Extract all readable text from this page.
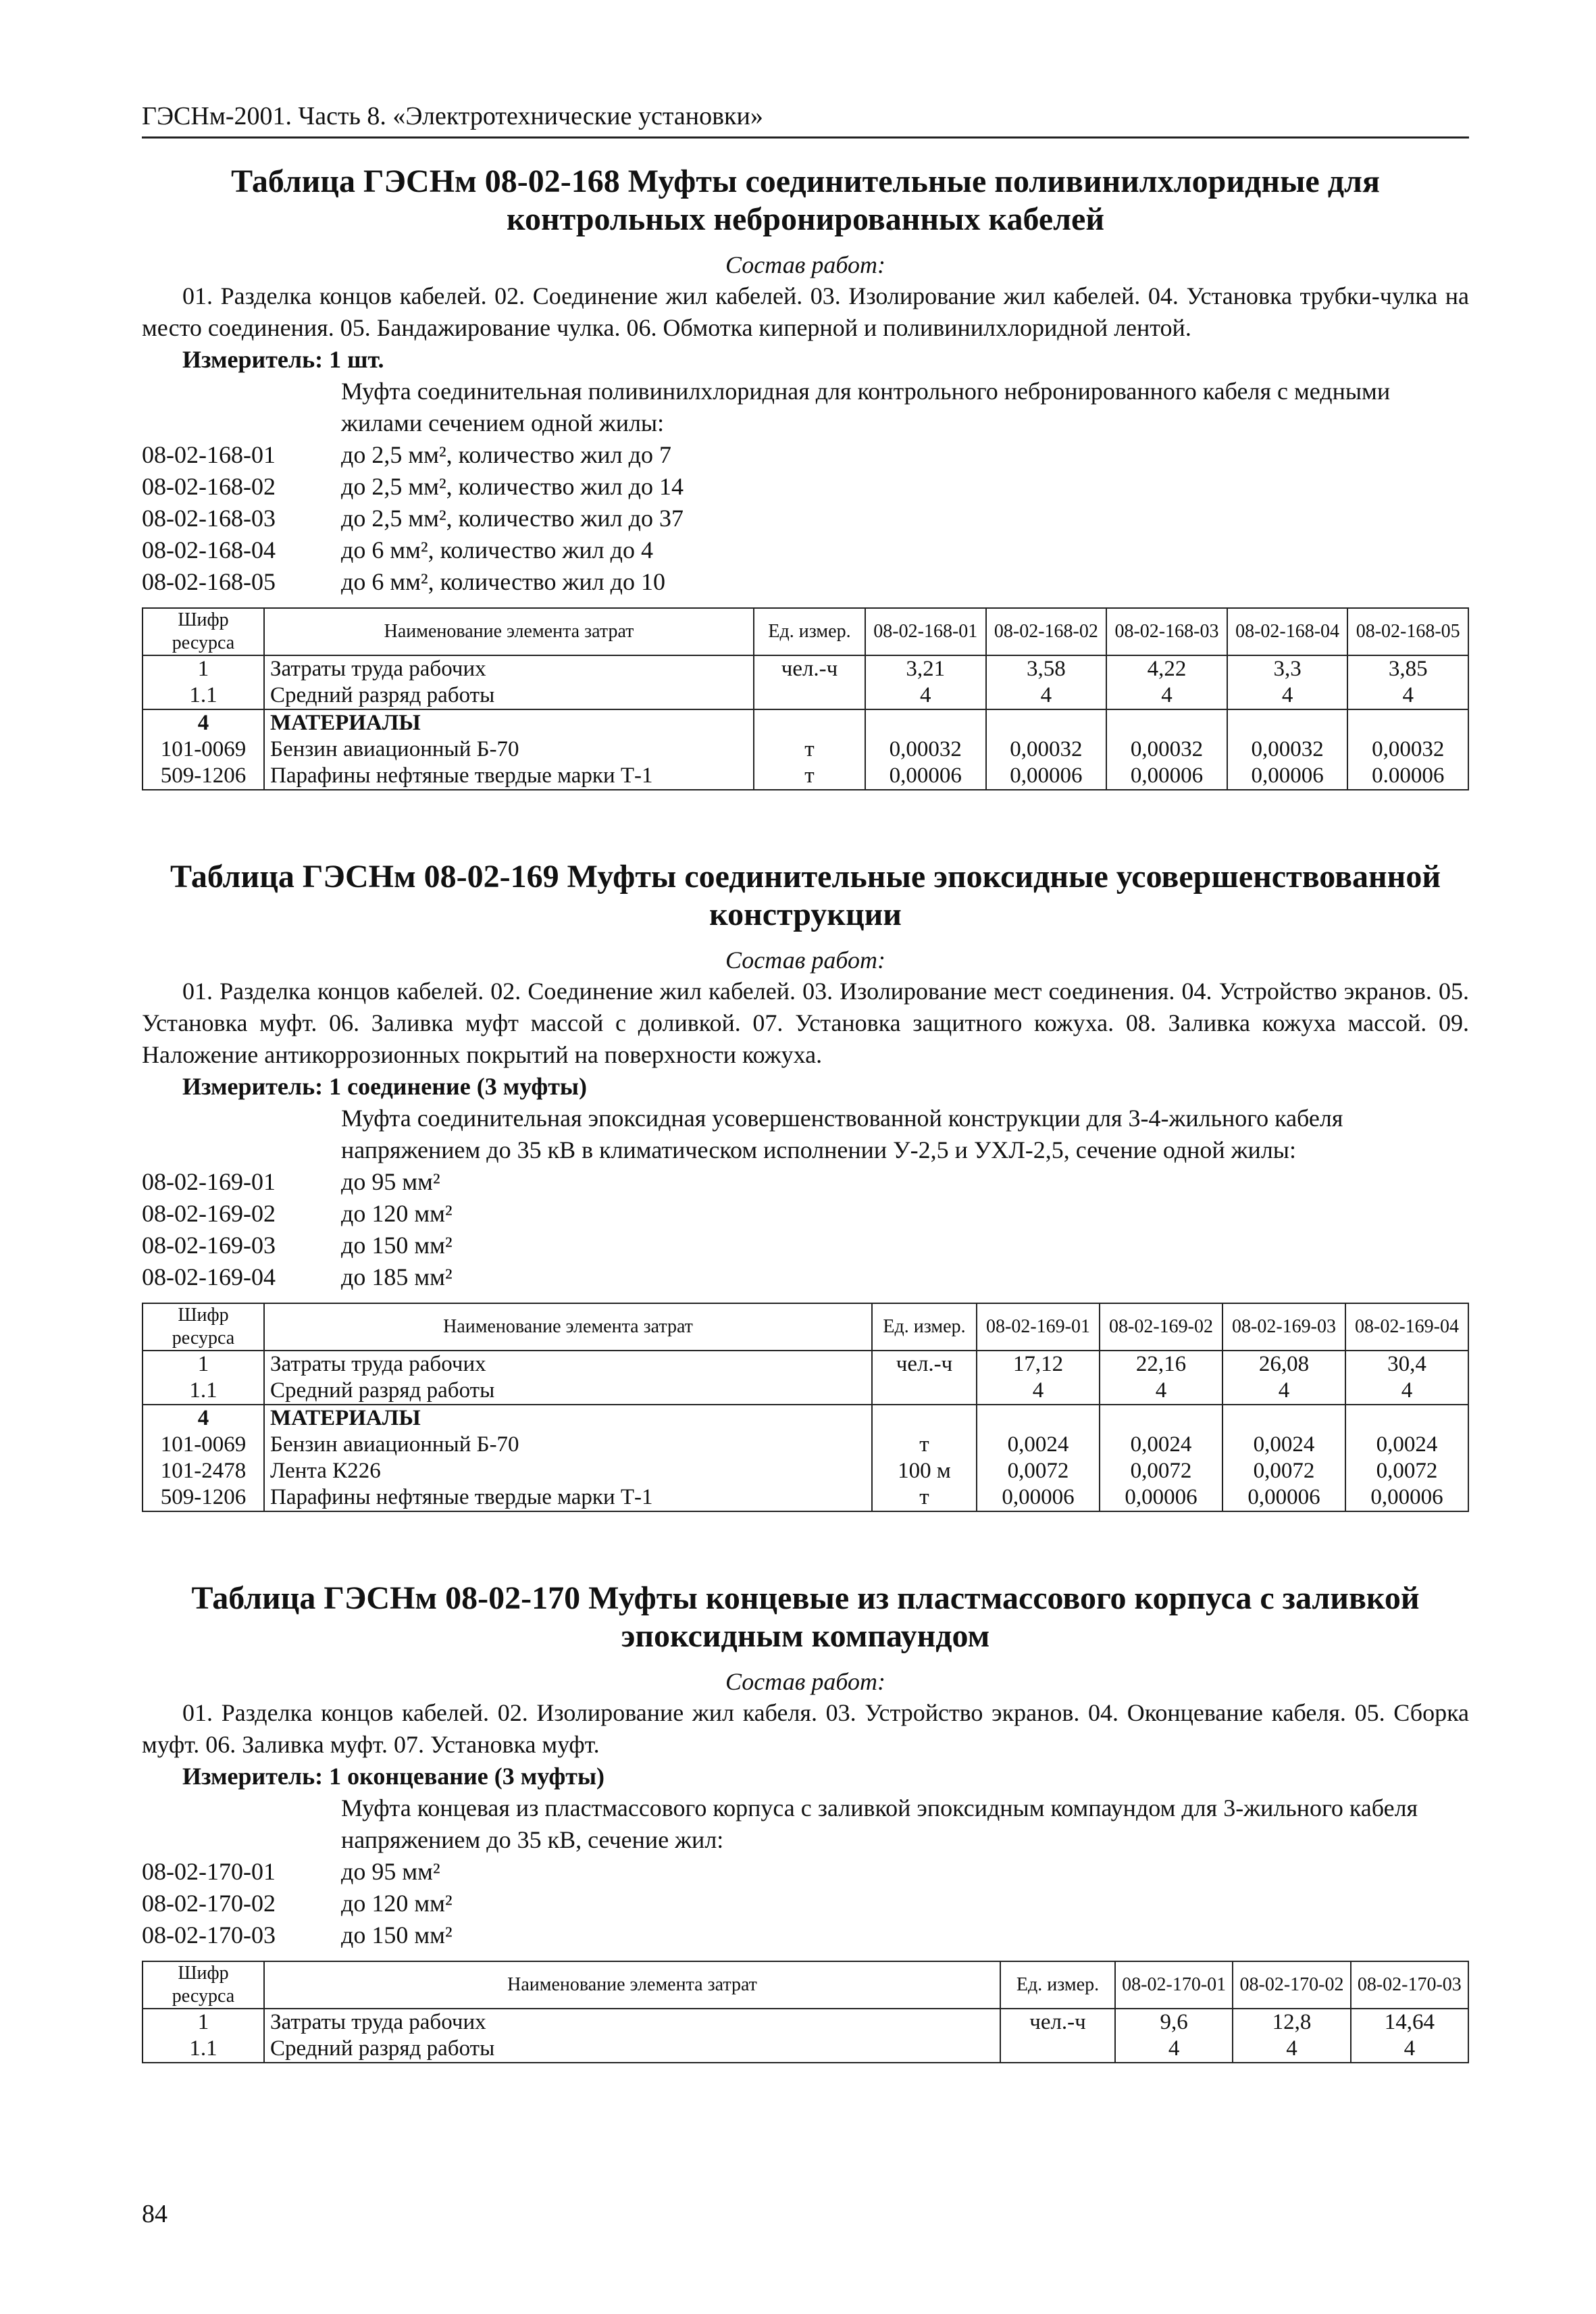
ГЭСНм-2001. Часть 8. «Электротехнические установки»
Таблица ГЭСНм 08-02-168 Муфты соединительные поливинилхлоридные для
контрольных небронированных кабелей

Состав работ:

01. Разделка концов кабелей. 02. Соединение жил кабелей. 03. Изолирование жил кабелей. 04. Установка трубки-чулка на место соединения. 05. Бандажирование чулка. 06. Обмотка киперной и поливинилхлоридной лентой.

Измеритель: 1 шт.

Муфта соединительная поливинилхлоридная для контрольного небронированного кабеля с медными жилами сечением одной жилы:

08-02-168-01	до 2,5 мм², количество жил до 7
08-02-168-02	до 2,5 мм², количество жил до 14
08-02-168-03	до 2,5 мм², количество жил до 37
08-02-168-04	до 6 мм², количество жил до 4
08-02-168-05	до 6 мм², количество жил до 10
Шифр ресурса	Наименование элемента затрат	Ед. измер.	08-02-168-01	08-02-168-02	08-02-168-03	08-02-168-04	08-02-168-05
1	Затраты труда рабочих	чел.-ч	3,21	3,58	4,22	3,3	3,85
1.1	Средний разряд работы		4	4	4	4	4
4	МАТЕРИАЛЫ						
101-0069	Бензин авиационный Б-70	т	0,00032	0,00032	0,00032	0,00032	0,00032
509-1206	Парафины нефтяные твердые марки Т-1	т	0,00006	0,00006	0,00006	0,00006	0.00006
Таблица ГЭСНм 08-02-169 Муфты соединительные эпоксидные усовершенствованной
конструкции

Состав работ:

01. Разделка концов кабелей. 02. Соединение жил кабелей. 03. Изолирование мест соединения. 04. Устройство экранов. 05. Установка муфт. 06. Заливка муфт массой с доливкой. 07. Установка защитного кожуха. 08. Заливка кожуха массой. 09. Наложение антикоррозионных покрытий на поверхности кожуха.

Измеритель: 1 соединение (3 муфты)

Муфта соединительная эпоксидная усовершенствованной конструкции для 3-4-жильного кабеля напряжением до 35 кВ в климатическом исполнении У-2,5 и УХЛ-2,5, сечение одной жилы:

08-02-169-01	до 95 мм²
08-02-169-02	до 120 мм²
08-02-169-03	до 150 мм²
08-02-169-04	до 185 мм²
Шифр ресурса	Наименование элемента затрат	Ед. измер.	08-02-169-01	08-02-169-02	08-02-169-03	08-02-169-04
1	Затраты труда рабочих	чел.-ч	17,12	22,16	26,08	30,4
1.1	Средний разряд работы		4	4	4	4
4	МАТЕРИАЛЫ					
101-0069	Бензин авиационный Б-70	т	0,0024	0,0024	0,0024	0,0024
101-2478	Лента К226	100 м	0,0072	0,0072	0,0072	0,0072
509-1206	Парафины нефтяные твердые марки Т-1	т	0,00006	0,00006	0,00006	0,00006
Таблица ГЭСНм 08-02-170 Муфты концевые из пластмассового корпуса с заливкой
эпоксидным компаундом

Состав работ:

01. Разделка концов кабелей. 02. Изолирование жил кабеля. 03. Устройство экранов. 04. Оконцевание кабеля. 05. Сборка муфт. 06. Заливка муфт. 07. Установка муфт.

Измеритель: 1 оконцевание (3 муфты)

Муфта концевая из пластмассового корпуса с заливкой эпоксидным компаундом для 3-жильного кабеля напряжением до 35 кВ, сечение жил:

08-02-170-01	до 95 мм²
08-02-170-02	до 120 мм²
08-02-170-03	до 150 мм²
Шифр ресурса	Наименование элемента затрат	Ед. измер.	08-02-170-01	08-02-170-02	08-02-170-03
1	Затраты труда рабочих	чел.-ч	9,6	12,8	14,64
1.1	Средний разряд работы		4	4	4
84
